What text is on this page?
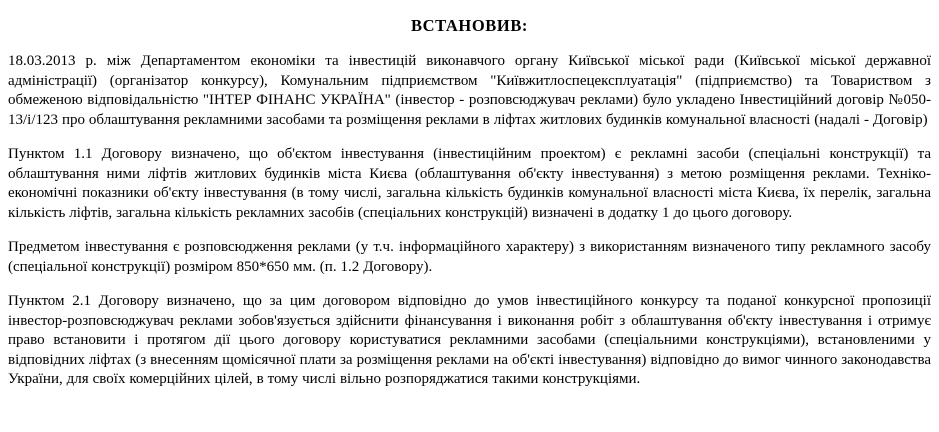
ВСТАНОВИВ:

18.03.2013 р. між Департаментом економіки та інвестицій виконавчого органу Київської міської ради (Київської міської державної адміністрації) (організатор конкурсу), Комунальним підприємством "Київжитлоспецексплуатація" (підприємство) та Товариством з обмеженою відповідальністю "ІНТЕР ФІНАНС УКРАЇНА" (інвестор - розповсюджувач реклами) було укладено Інвестиційний договір №050-13/і/123 про облаштування рекламними засобами та розміщення реклами в ліфтах житлових будинків комунальної власності (надалі - Договір)

Пунктом 1.1 Договору визначено, що об'єктом інвестування (інвестиційним проектом) є рекламні засоби (спеціальні конструкції) та облаштування ними ліфтів житлових будинків міста Києва (облаштування об'єкту інвестування) з метою розміщення реклами. Техніко-економічні показники об'єкту інвестування (в тому числі, загальна кількість будинків комунальної власності міста Києва, їх перелік, загальна кількість ліфтів, загальна кількість рекламних засобів (спеціальних конструкцій) визначені в додатку 1 до цього договору.

Предметом інвестування є розповсюдження реклами (у т.ч. інформаційного характеру) з використанням визначеного типу рекламного засобу (спеціальної конструкції) розміром 850*650 мм. (п. 1.2 Договору).

Пунктом 2.1 Договору визначено, що за цим договором відповідно до умов інвестиційного конкурсу та поданої конкурсної пропозиції інвестор-розповсюджувач реклами зобов'язується здійснити фінансування і виконання робіт з облаштування об'єкту інвестування і отримує право встановити і протягом дії цього договору користуватися рекламними засобами (спеціальними конструкціями), встановленими у відповідних ліфтах (з внесенням щомісячної плати за розміщення реклами на об'єкті інвестування) відповідно до вимог чинного законодавства України, для своїх комерційних цілей, в тому числі вільно розпоряджатися такими конструкціями.
